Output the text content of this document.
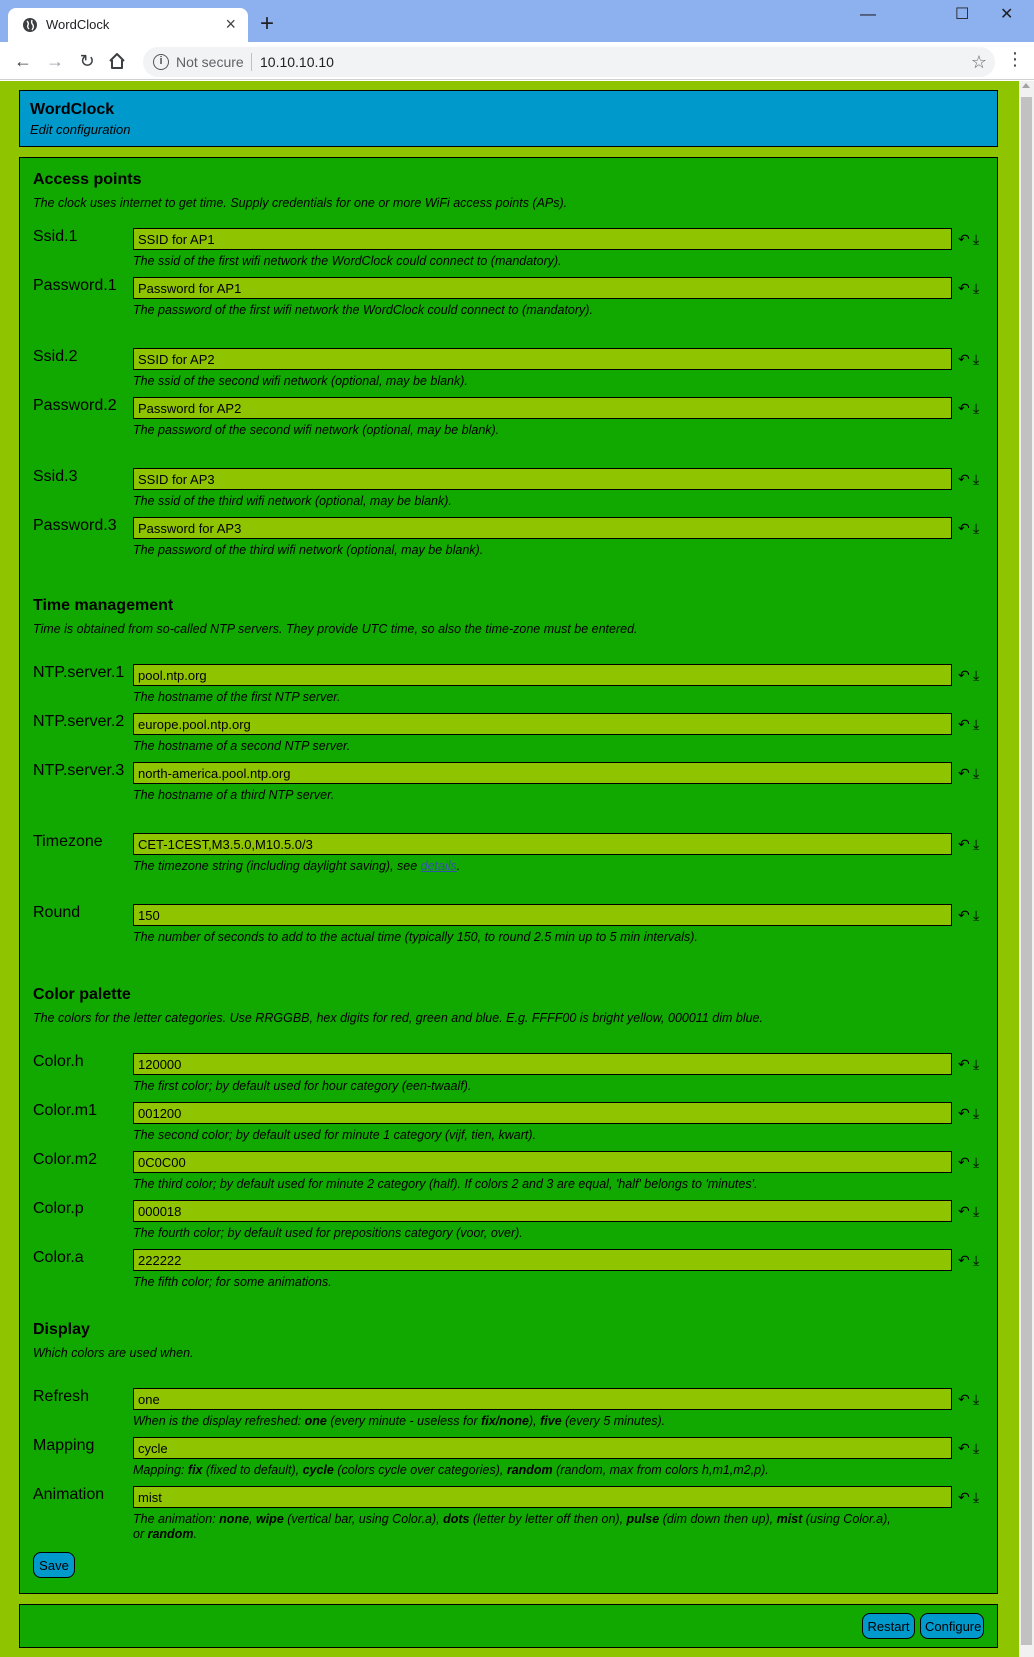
WordClock	× +	—	☐ ✕
← → ↻	i Not secure 10.10.10.10	☆ ⋮
WordClock
Edit configuration
Access points
The clock uses internet to get time. Supply credentials for one or more WiFi access points (APs).
Ssid.1
SSID for AP1	↶ ⤓
The ssid of the first wifi network the WordClock could connect to (mandatory).
Password.1
Password for AP1	↶ ⤓
The password of the first wifi network the WordClock could connect to (mandatory).
Ssid.2
SSID for AP2	↶ ⤓
The ssid of the second wifi network (optional, may be blank).
Password.2
Password for AP2	↶ ⤓
The password of the second wifi network (optional, may be blank).
Ssid.3
SSID for AP3	↶ ⤓
The ssid of the third wifi network (optional, may be blank).
Password.3
Password for AP3	↶ ⤓
The password of the third wifi network (optional, may be blank).
Time management
Time is obtained from so-called NTP servers. They provide UTC time, so also the time-zone must be entered.
NTP.server.1
pool.ntp.org	↶ ⤓
The hostname of the first NTP server.
NTP.server.2
europe.pool.ntp.org	↶ ⤓
The hostname of a second NTP server.
NTP.server.3
north-america.pool.ntp.org	↶ ⤓
The hostname of a third NTP server.
Timezone
CET-1CEST,M3.5.0,M10.5.0/3	↶ ⤓
The timezone string (including daylight saving), see details.
Round
150	↶ ⤓
The number of seconds to add to the actual time (typically 150, to round 2.5 min up to 5 min intervals).
Color palette
The colors for the letter categories. Use RRGGBB, hex digits for red, green and blue. E.g. FFFF00 is bright yellow, 000011 dim blue.
Color.h
120000	↶ ⤓
The first color; by default used for hour category (een-twaalf).
Color.m1
001200	↶ ⤓
The second color; by default used for minute 1 category (vijf, tien, kwart).
Color.m2
0C0C00	↶ ⤓
The third color; by default used for minute 2 category (half). If colors 2 and 3 are equal, 'half' belongs to 'minutes'.
Color.p
000018	↶ ⤓
The fourth color; by default used for prepositions category (voor, over).
Color.a
222222	↶ ⤓
The fifth color; for some animations.
Display
Which colors are used when.
Refresh
one	↶ ⤓
When is the display refreshed: one (every minute - useless for fix/none), five (every 5 minutes).
Mapping
cycle	↶ ⤓
Mapping: fix (fixed to default), cycle (colors cycle over categories), random (random, max from colors h,m1,m2,p).
Animation
mist	↶ ⤓
The animation: none, wipe (vertical bar, using Color.a), dots (letter by letter off then on), pulse (dim down then up), mist (using Color.a),
or random.
Save
Restart	Configure
